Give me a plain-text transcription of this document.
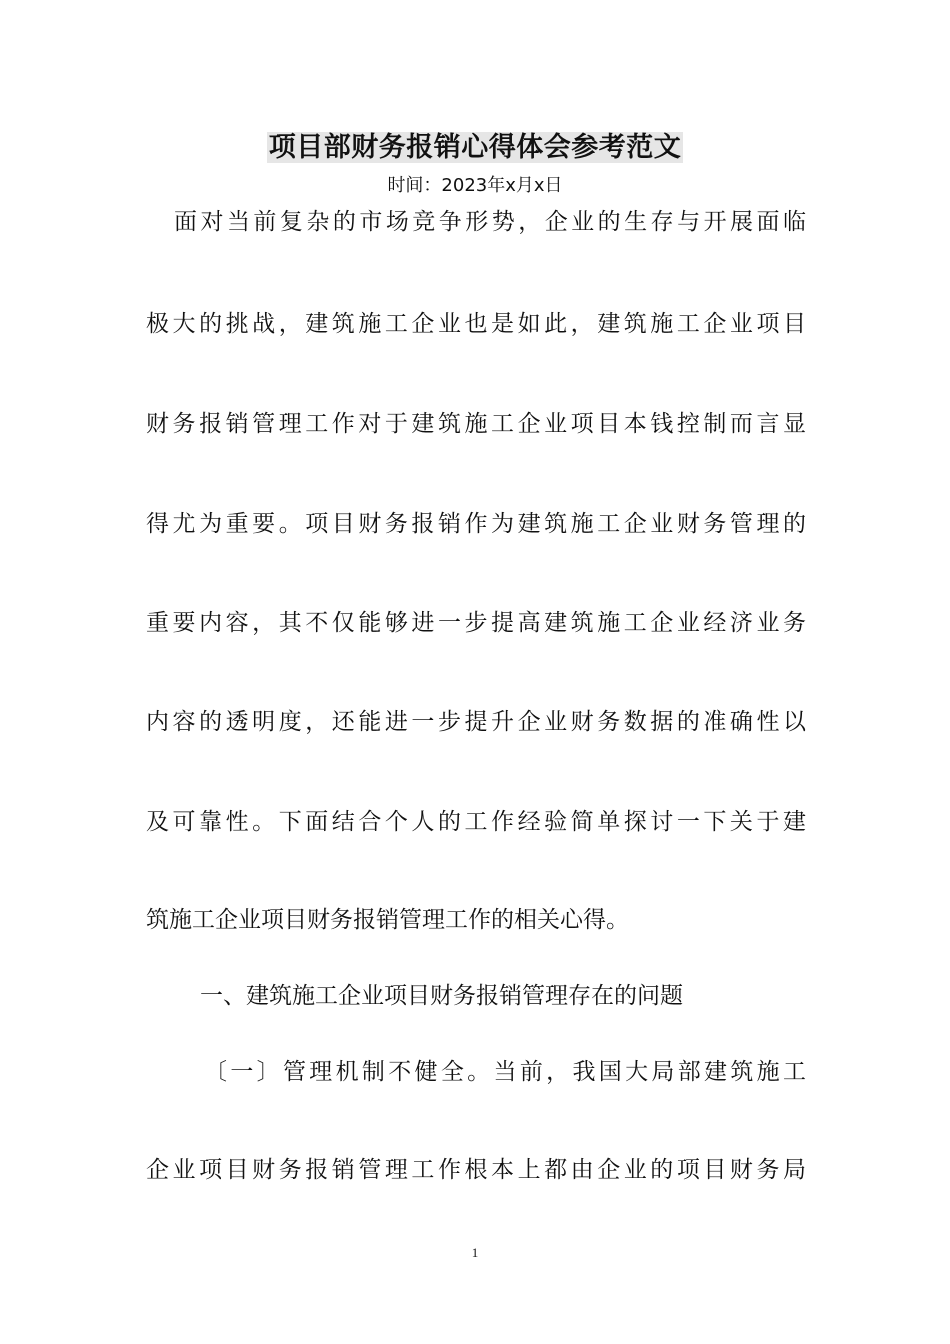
项目部财务报销心得体会参考范文
时间：2023年x月x日
面对当前复杂的市场竞争形势，企业的生存与开展面临
极大的挑战，建筑施工企业也是如此，建筑施工企业项目
财务报销管理工作对于建筑施工企业项目本钱控制而言显
得尤为重要。项目财务报销作为建筑施工企业财务管理的
重要内容，其不仅能够进一步提高建筑施工企业经济业务
内容的透明度，还能进一步提升企业财务数据的准确性以
及可靠性。下面结合个人的工作经验简单探讨一下关于建
筑施工企业项目财务报销管理工作的相关心得。
一、建筑施工企业项目财务报销管理存在的问题
〔一〕管理机制不健全。当前，我国大局部建筑施工
企业项目财务报销管理工作根本上都由企业的项目财务局
1
